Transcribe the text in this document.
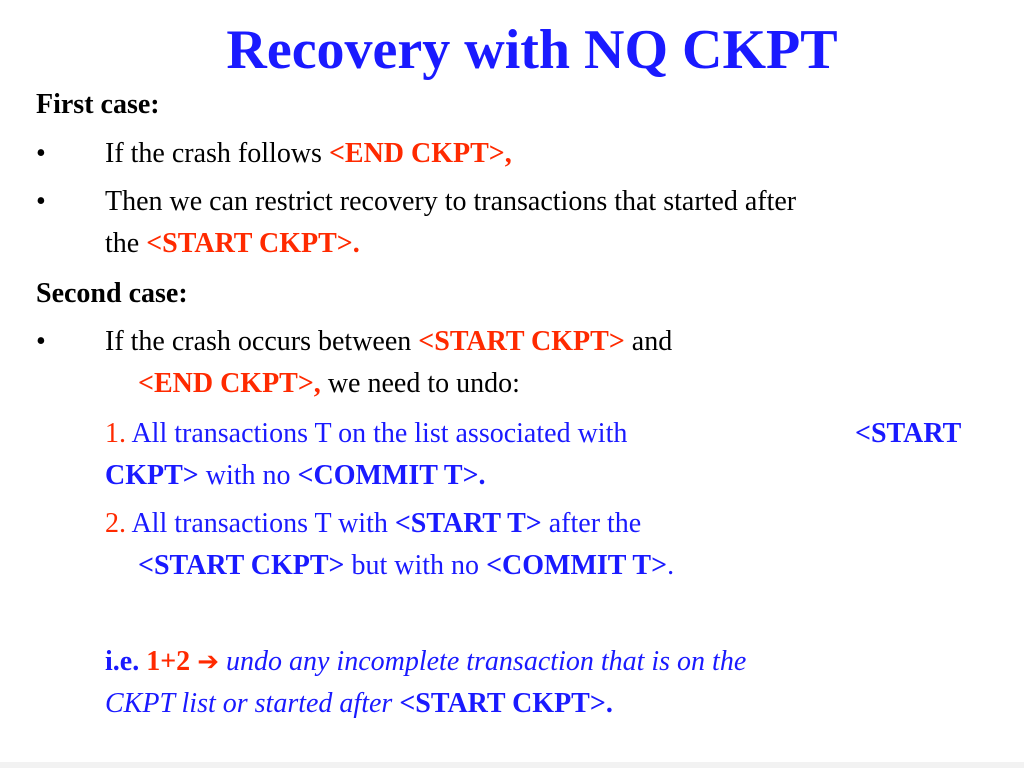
Recovery with NQ CKPT
First case:
• If the crash follows <END CKPT>,
• Then we can restrict recovery to transactions that started after
the <START CKPT>.
Second case:
• If the crash occurs between <START CKPT> and
<END CKPT>, we need to undo:
1. All transactions T on the list associated with	<START
CKPT> with no <COMMIT T>.
2. All transactions T with <START T> after the
<START CKPT> but with no <COMMIT T>.
i.e. 1+2 ➔ undo any incomplete transaction that is on the
CKPT list or started after <START CKPT>.
